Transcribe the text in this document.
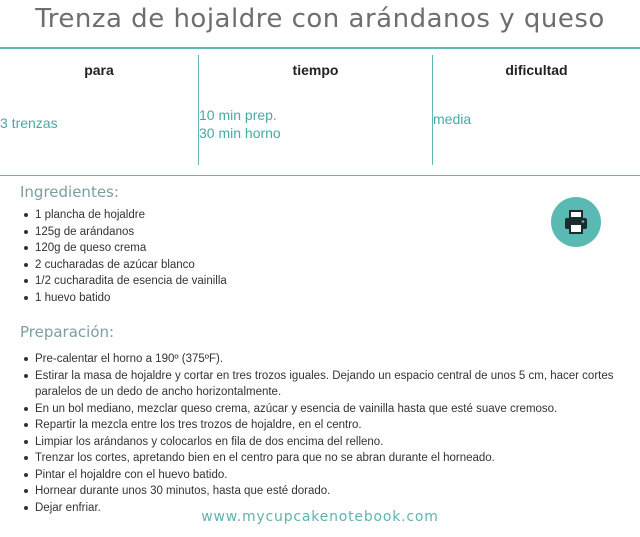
Trenza de hojaldre con arándanos y queso
para
3 trenzas
tiempo
10 min prep.
30 min horno
dificultad
media
Ingredientes:
1 plancha de hojaldre
125g de arándanos
120g de queso crema
2 cucharadas de azúcar blanco
1/2 cucharadita de esencia de vainilla
1 huevo batido
Preparación:
Pre-calentar el horno a 190º (375ºF).
Estirar la masa de hojaldre y cortar en tres trozos iguales. Dejando un espacio central de unos 5 cm, hacer cortes paralelos de un dedo de ancho horizontalmente.
En un bol mediano, mezclar queso crema, azúcar y esencia de vainilla hasta que esté suave cremoso.
Repartir la mezcla entre los tres trozos de hojaldre, en el centro.
Limpiar los arándanos y colocarlos en fila de dos encima del relleno.
Trenzar los cortes, apretando bien en el centro para que no se abran durante el horneado.
Pintar el hojaldre con el huevo batido.
Hornear durante unos 30 minutos, hasta que esté dorado.
Dejar enfriar.
www.mycupcakenotebook.com
